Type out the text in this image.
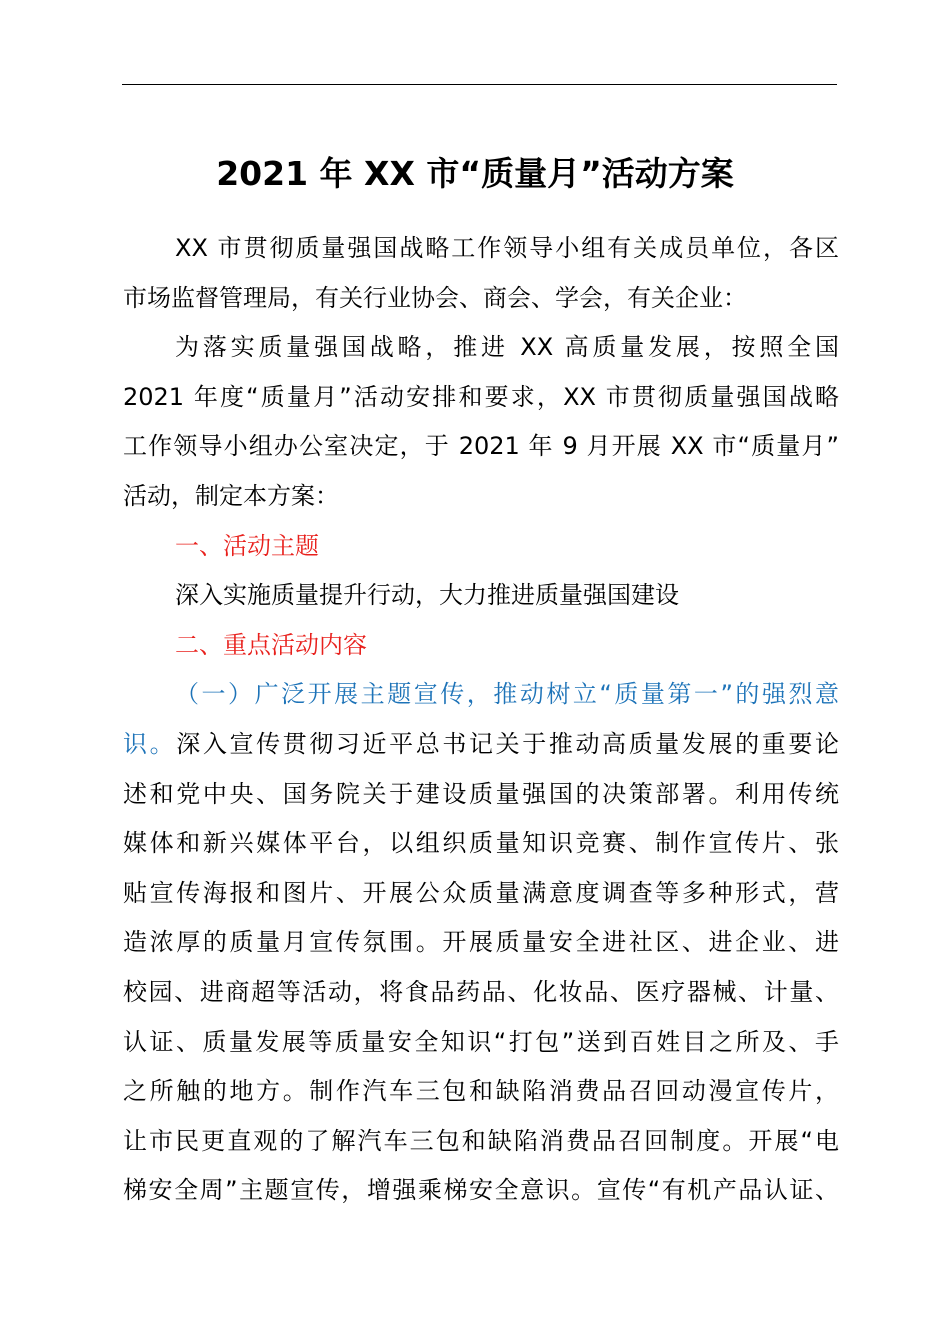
2021 年 XX 市“质量月”活动方案

XX 市贯彻质量强国战略工作领导小组有关成员单位，各区
市场监督管理局，有关行业协会、商会、学会，有关企业：

为落实质量强国战略，推进 XX 高质量发展，按照全国
2021 年度“质量月”活动安排和要求，XX 市贯彻质量强国战略
工作领导小组办公室决定，于 2021 年 9 月开展 XX 市“质量月”
活动，制定本方案：

一、活动主题

深入实施质量提升行动，大力推进质量强国建设

二、重点活动内容

（一）广泛开展主题宣传，推动树立“质量第一”的强烈意
识。深入宣传贯彻习近平总书记关于推动高质量发展的重要论
述和党中央、国务院关于建设质量强国的决策部署。利用传统
媒体和新兴媒体平台，以组织质量知识竞赛、制作宣传片、张
贴宣传海报和图片、开展公众质量满意度调查等多种形式，营
造浓厚的质量月宣传氛围。开展质量安全进社区、进企业、进
校园、进商超等活动，将食品药品、化妆品、医疗器械、计量、
认证、质量发展等质量安全知识“打包”送到百姓目之所及、手
之所触的地方。制作汽车三包和缺陷消费品召回动漫宣传片，
让市民更直观的了解汽车三包和缺陷消费品召回制度。开展“电
梯安全周”主题宣传，增强乘梯安全意识。宣传“有机产品认证、
